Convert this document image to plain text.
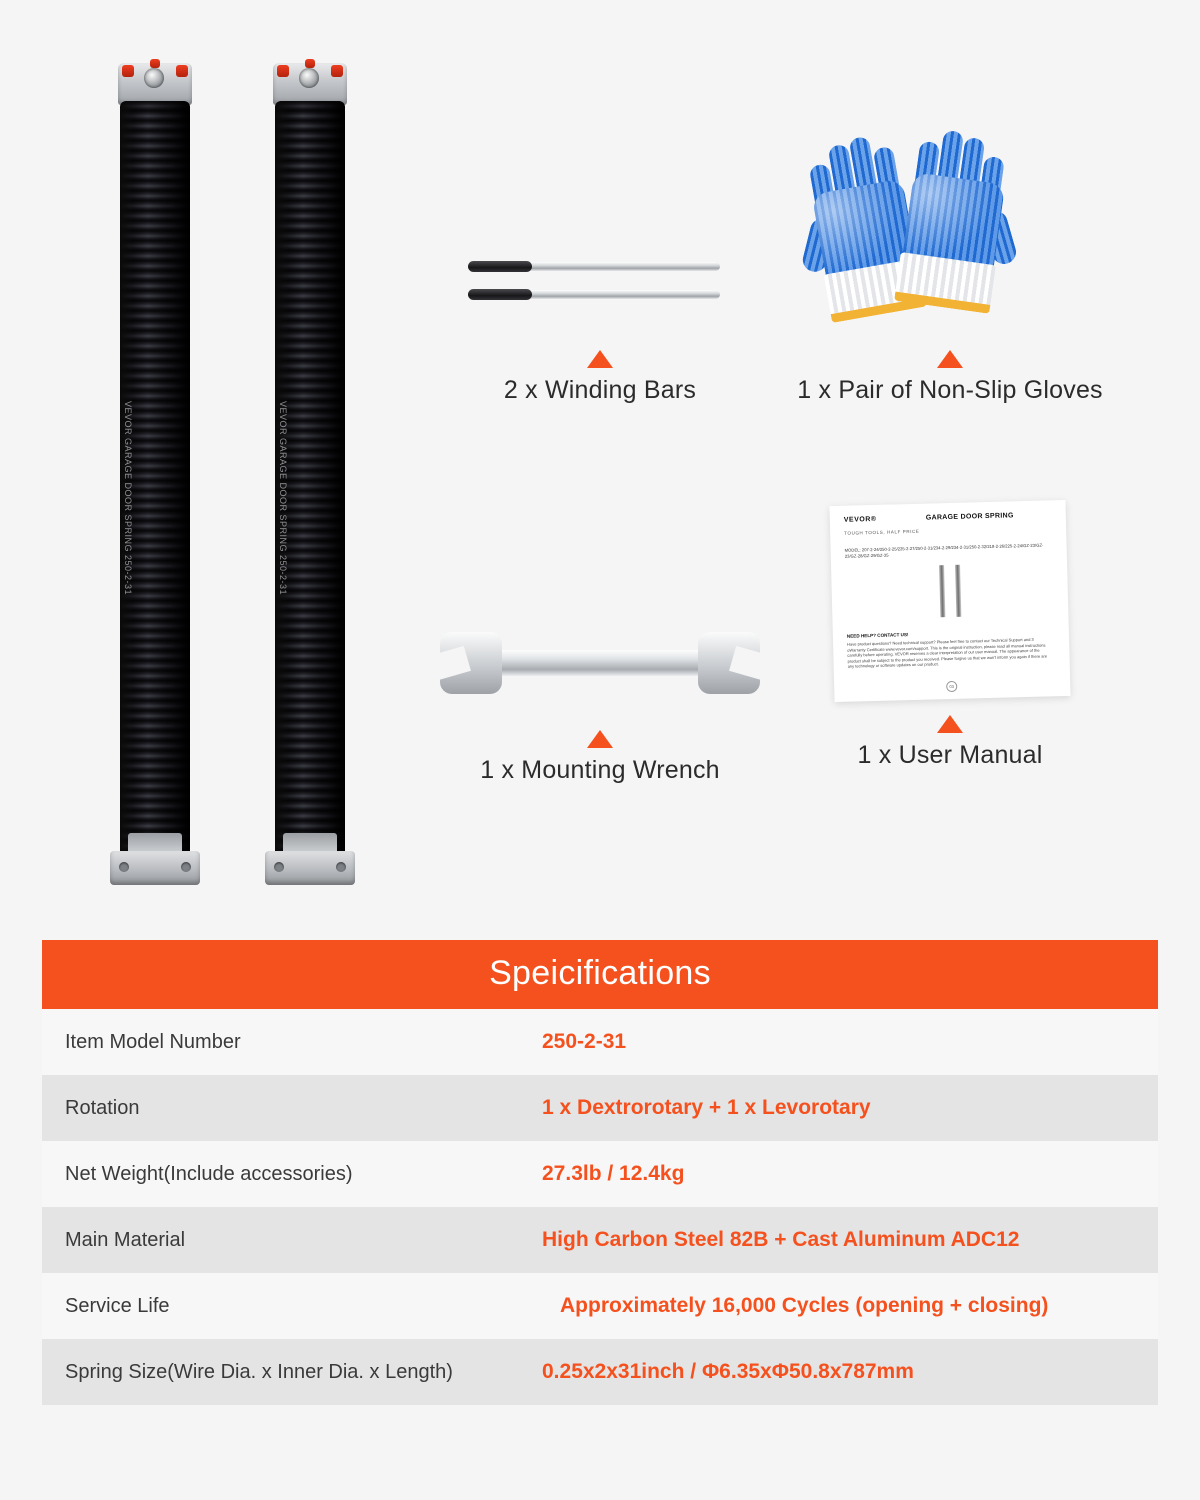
VEVOR GARAGE DOOR SPRING 250-2-31	VEVOR GARAGE DOOR SPRING 250-2-31
2 x Winding Bars	1 x Pair of Non-Slip Gloves
1 x Mounting Wrench
$^{VEVOR®}$
TOUGH TOOLS, HALF PRICE
GARAGE DOOR SPRING
MODEL: 207-2-24/250-2-25/225-2-27/250-2-31/234-2-29/234-2-31/250-2-32/218-2-26/225-2-24/GZ-23/GZ-23/GZ-28/GZ-29/GZ-35
NEED HELP? CONTACT US!
Have product questions? Need technical support? Please feel free to contact our Technical Support and 3 oWarranty Certificate www.vevor.com/support. This is the original instruction, please read all manual instructions carefully before operating. VEVOR reserves a clear interpretation of our user manual. The appearance of the product shall be subject to the product you received. Please forgive us that we won't inform you again if there are any technology or software updates on our product.
03
1 x User Manual
Speicifications
Item Model Number	250-2-31
Rotation	1 x Dextrorotary + 1 x Levorotary
Net Weight(Include accessories)	27.3lb / 12.4kg
Main Material	High Carbon Steel 82B + Cast Aluminum ADC12
Service Life	Approximately 16,000 Cycles (opening + closing)
Spring Size(Wire Dia. x Inner Dia. x Length)	0.25x2x31inch / Φ6.35xΦ50.8x787mm
